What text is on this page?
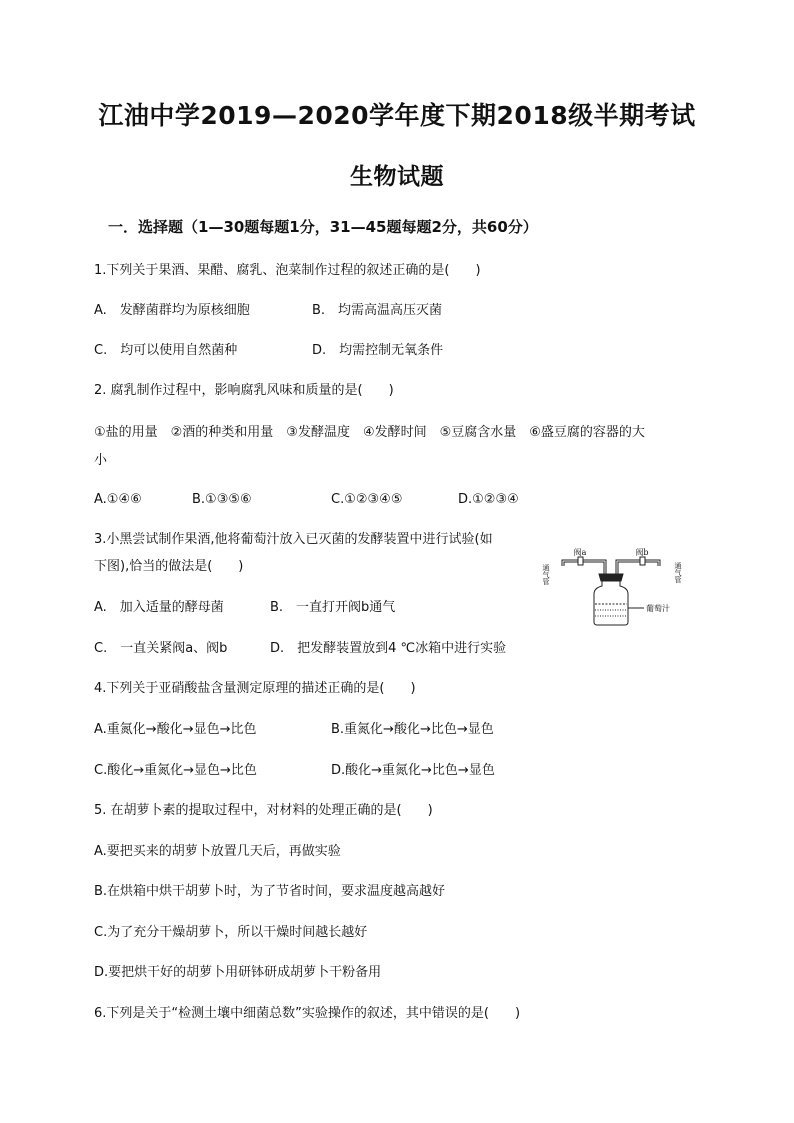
江油中学2019—2020学年度下期2018级半期考试
生物试题
一．选择题（1—30题每题1分，31—45题每题2分，共60分）
1.下列关于果酒、果醋、腐乳、泡菜制作过程的叙述正确的是(　　)
A.　发酵菌群均为原核细胞	B.　均需高温高压灭菌
C.　均可以使用自然菌种	D.　均需控制无氧条件
2. 腐乳制作过程中，影响腐乳风味和质量的是(　　)
①盐的用量　②酒的种类和用量　③发酵温度　④发酵时间　⑤豆腐含水量　⑥盛豆腐的容器的大
小
A.①④⑥	B.①③⑤⑥	C.①②③④⑤	D.①②③④
3.小黑尝试制作果酒,他将葡萄汁放入已灭菌的发酵装置中进行试验(如
下图),恰当的做法是(　　)
A.　加入适量的酵母菌	B.　一直打开阀b通气
C.　一直关紧阀a、阀b	D.　把发酵装置放到4 ℃冰箱中进行实验
阀a	阀b
葡萄汁
通气管	通气管
4.下列关于亚硝酸盐含量测定原理的描述正确的是(　　)
A.重氮化→酸化→显色→比色	B.重氮化→酸化→比色→显色
C.酸化→重氮化→显色→比色	D.酸化→重氮化→比色→显色
5. 在胡萝卜素的提取过程中，对材料的处理正确的是(　　)
A.要把买来的胡萝卜放置几天后，再做实验
B.在烘箱中烘干胡萝卜时，为了节省时间，要求温度越高越好
C.为了充分干燥胡萝卜，所以干燥时间越长越好
D.要把烘干好的胡萝卜用研钵研成胡萝卜干粉备用
6.下列是关于“检测土壤中细菌总数”实验操作的叙述，其中错误的是(　　)
